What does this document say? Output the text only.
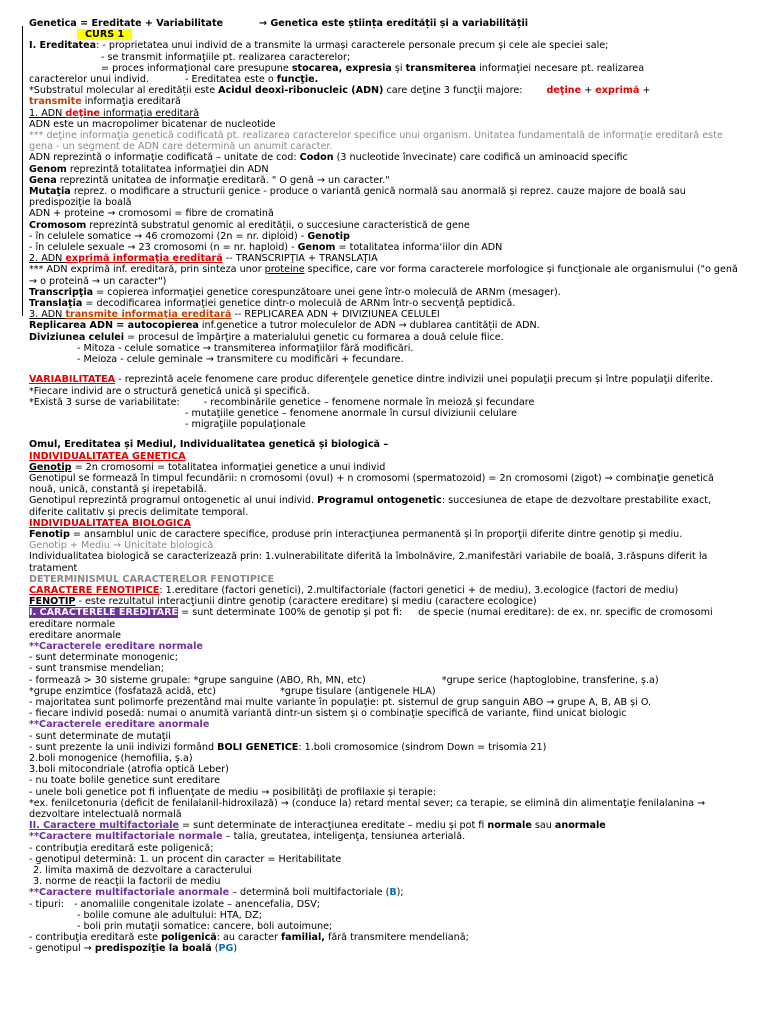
Genetica = Ereditate + Variabilitate	→ Genetica este știința eredității și a variabilității
CURS 1
I. Ereditatea: - proprietatea unui individ de a transmite la urmași caracterele personale precum și cele ale speciei sale;
- se transmit informaţiile pt. realizarea caracterelor;
= proces informaţional care presupune stocarea, expresia și transmiterea informaţiei necesare pt. realizarea
caracterelor unui individ.	- Ereditatea este o funcţie.
*Substratul molecular al eredității este Acidul deoxi-ribonucleic (ADN) care deţine 3 funcţii majore:	deţine + exprimă +
transmite informaţia ereditară
1. ADN deţine informaţia ereditară
ADN este un macropolimer bicatenar de nucleotide
*** deţine informaţia genetică codificată pt. realizarea caracterelor specifice unui organism. Unitatea fundamentală de informaţie ereditară este gena - un segment de ADN care determină un anumit caracter.
ADN reprezintă o informaţie codificată – unitate de cod: Codon (3 nucleotide învecinate) care codifică un aminoacid specific
Genom reprezintă totalitatea informaţiei din ADN
Gena reprezintă unitatea de informaţie ereditară. " O genă → un caracter."
Mutaţia reprez. o modificare a structurii genice - produce o variantă genică normală sau anormală și reprez. cauze majore de boală sau predispoziţie la boală
ADN + proteine → cromosomi = fibre de cromatină
Cromosom reprezintă substratul genomic al eredității, o succesiune caracteristică de gene
- în celulele somatice → 46 cromozomi (2n = nr. diploid) - Genotip
- în celulele sexuale → 23 cromosomi (n = nr. haploid) - Genom = totalitatea informa‘iilor din ADN
2. ADN exprimă informaţia ereditară -- TRANSCRIPŢIA + TRANSLAŢIA
*** ADN exprimă inf. ereditară, prin sinteza unor proteine specifice, care vor forma caracterele morfologice și funcţionale ale organismului ("o genă → o proteină → un caracter")
Transcripţia = copierea informaţiei genetice corespunzătoare unei gene într-o moleculă de ARNm (mesager).
Translaţia = decodificarea informaţiei genetice dintr-o moleculă de ARNm într-o secvenţă peptidică.
3. ADN transmite informaţia ereditară -- REPLICAREA ADN + DIVIZIUNEA CELULEI
Replicarea ADN = autocopierea inf.genetice a tutror moleculelor de ADN → dublarea cantității de ADN.
Diviziunea celulei = procesul de împărţire a materialului genetic cu formarea a două celule fiice.
- Mitoza - celule somatice → transmiterea informaţiilor fără modificări.
- Meioza - celule geminale → transmitere cu modificări + fecundare.
VARIABILITATEA - reprezintă acele fenomene care produc diferenţele genetice dintre indivizii unei populaţii precum și între populaţii diferite.
*Fiecare individ are o structură genetică unică și specifică.
*Există 3 surse de variabilitate:	- recombinările genetice – fenomene normale în meioză și fecundare
- mutaţiile genetice – fenomene anormale în cursul diviziunii celulare
- migraţiile populaţionale
Omul, Ereditatea și Mediul, Individualitatea genetică și biologică –
INDIVIDUALITATEA GENETICĂ
Genotip = 2n cromosomi = totalitatea informaţiei genetice a unui individ
Genotipul se formează în timpul fecundării: n cromosomi (ovul) + n cromosomi (spermatozoid) = 2n cromosomi (zigot) ⇒ combinaţie genetică nouă, unică, constantă și irepetabilă.
Genotipul reprezintă programul ontogenetic al unui individ. Programul ontogenetic: succesiunea de etape de dezvoltare prestabilite exact, diferite calitativ și precis delimitate temporal.
INDIVIDUALITATEA BIOLOGICĂ
Fenotip = ansamblul unic de caractere specifice, produse prin interacţiunea permanentă și în proporţii diferite dintre genotip și mediu.
Genotip + Mediu → Unicitate biologică
Individualitatea biologică se caracterizează prin: 1.vulnerabilitate diferită la îmbolnăvire, 2.manifestări variabile de boală, 3.răspuns diferit la tratament
DETERMINISMUL CARACTERELOR FENOTIPICE
CARACTERE FENOTIPICE: 1.ereditare (factori genetici), 2.multifactoriale (factori genetici + de mediu), 3.ecologice (factori de mediu)
FENOTIP - este rezultatul interacţiunii dintre genotip (caractere ereditare) și mediu (caractere ecologice)
I. CARACTERELE EREDITARE = sunt determinate 100% de genotip și pot fi: de specie (numai ereditare): de ex. nr. specific de cromosomi
ereditare normale
ereditare anormale
**Caracterele ereditare normale
- sunt determinate monogenic;
- sunt transmise mendelian;
- formează > 30 sisteme grupale: *grupe sanguine (ABO, Rh, MN, etc)	*grupe serice (haptoglobine, transferine, ș.a)
*grupe enzimtice (fosfatază acidă, etc)	*grupe tisulare (antigenele HLA)
- majoritatea sunt polimorfe prezentând mai multe variante în populaţie: pt. sistemul de grup sanguin ABO → grupe A, B, AB și O.
- fiecare individ posedă: numai o anumită variantă dintr-un sistem și o combinaţie specifică de variante, fiind unicat biologic
**Caracterele ereditare anormale
- sunt determinate de mutaţii
- sunt prezente la unii indivizi formând BOLI GENETICE: 1.boli cromosomice (sindrom Down = trisomia 21)
2.boli monogenice (hemofilia, ș.a)
3.boli mitocondriale (atrofia optică Leber)
- nu toate bolile genetice sunt ereditare
- unele boli genetice pot fi influenţate de mediu → posibilităţi de profilaxie și terapie:
*ex. fenilcetonuria (deficit de fenilalanil-hidroxilază) → (conduce la) retard mental sever; ca terapie, se elimină din alimentaţie fenilalanina → dezvoltare intelectuală normală
II. Caractere multifactoriale = sunt determinate de interacţiunea ereditate – mediu și pot fi normale sau anormale
**Caractere multifactoriale normale – talia, greutatea, inteligenţa, tensiunea arterială.
- contribuţia ereditară este poligenică;
- genotipul determină: 1. un procent din caracter = Heritabilitate
2. limita maximă de dezvoltare a caracterului
3. norme de reacţii la factorii de mediu
**Caractere multifactoriale anormale – determină boli multifactoriale (B);
- tipuri: - anomaliile congenitale izolate – anencefalia, DSV;
- bolile comune ale adultului: HTA, DZ;
- boli prin mutaţii somatice: cancere, boli autoimune;
- contribuţia ereditară este poligenică: au caracter familial, fără transmitere mendeliană;
- genotipul → predispoziţie la boală (PG)
